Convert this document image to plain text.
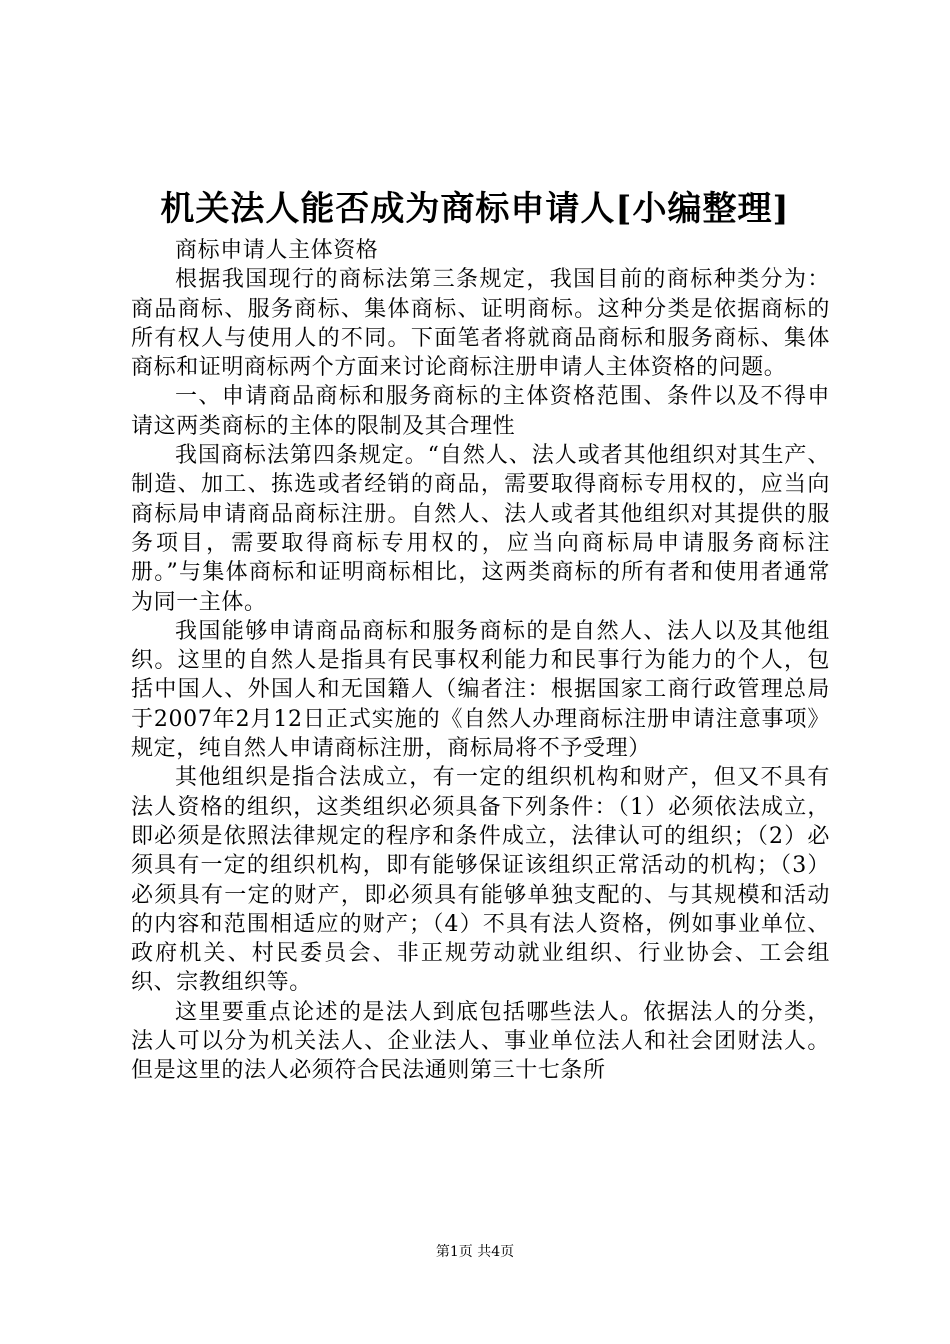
机关法人能否成为商标申请人[小编整理]

商标申请人主体资格

根据我国现行的商标法第三条规定，我国目前的商标种类分为：商品商标、服务商标、集体商标、证明商标。这种分类是依据商标的所有权人与使用人的不同。下面笔者将就商品商标和服务商标、集体商标和证明商标两个方面来讨论商标注册申请人主体资格的问题。

一、申请商品商标和服务商标的主体资格范围、条件以及不得申请这两类商标的主体的限制及其合理性

我国商标法第四条规定。“自然人、法人或者其他组织对其生产、制造、加工、拣选或者经销的商品，需要取得商标专用权的，应当向商标局申请商品商标注册。自然人、法人或者其他组织对其提供的服务项目，需要取得商标专用权的，应当向商标局申请服务商标注册。”与集体商标和证明商标相比，这两类商标的所有者和使用者通常为同一主体。

我国能够申请商品商标和服务商标的是自然人、法人以及其他组织。这里的自然人是指具有民事权利能力和民事行为能力的个人，包括中国人、外国人和无国籍人（编者注：根据国家工商行政管理总局于2007年2月12日正式实施的《自然人办理商标注册申请注意事项》规定，纯自然人申请商标注册，商标局将不予受理）

其他组织是指合法成立，有一定的组织机构和财产，但又不具有法人资格的组织，这类组织必须具备下列条件：（1）必须依法成立，即必须是依照法律规定的程序和条件成立，法律认可的组织；（2）必须具有一定的组织机构，即有能够保证该组织正常活动的机构；（3）必须具有一定的财产，即必须具有能够单独支配的、与其规模和活动的内容和范围相适应的财产；（4）不具有法人资格，例如事业单位、政府机关、村民委员会、非正规劳动就业组织、行业协会、工会组织、宗教组织等。

这里要重点论述的是法人到底包括哪些法人。依据法人的分类，法人可以分为机关法人、企业法人、事业单位法人和社会团财法人。但是这里的法人必须符合民法通则第三十七条所

第1页 共4页
